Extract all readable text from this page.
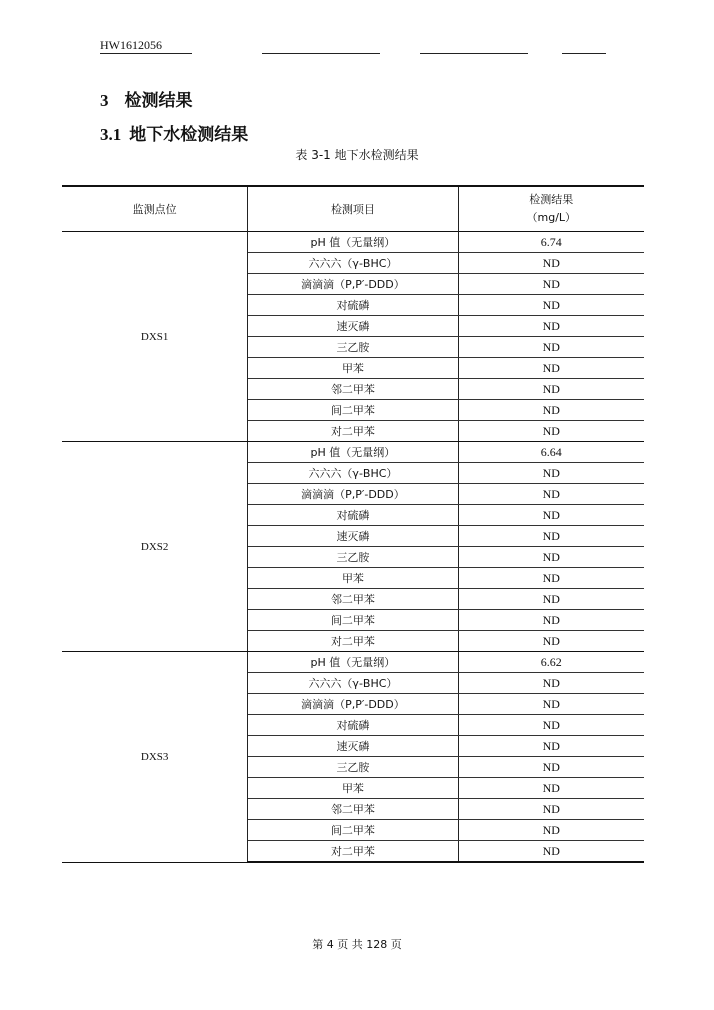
HW1612056
3 检测结果
3.1 地下水检测结果
表 3-1 地下水检测结果
监测点位	检测项目	检测结果
（mg/L）

DXS1	pH 值（无量纲）	6.74
	六六六（γ-BHC）	ND
	滴滴滴（P,P′-DDD）	ND
	对硫磷	ND
	速灭磷	ND
	三乙胺	ND
	甲苯	ND
	邻二甲苯	ND
	间二甲苯	ND
	对二甲苯	ND
DXS2	pH 值（无量纲）	6.64
	六六六（γ-BHC）	ND
	滴滴滴（P,P′-DDD）	ND
	对硫磷	ND
	速灭磷	ND
	三乙胺	ND
	甲苯	ND
	邻二甲苯	ND
	间二甲苯	ND
	对二甲苯	ND
DXS3	pH 值（无量纲）	6.62
	六六六（γ-BHC）	ND
	滴滴滴（P,P′-DDD）	ND
	对硫磷	ND
	速灭磷	ND
	三乙胺	ND
	甲苯	ND
	邻二甲苯	ND
	间二甲苯	ND
	对二甲苯	ND
第 4 页 共 128 页
